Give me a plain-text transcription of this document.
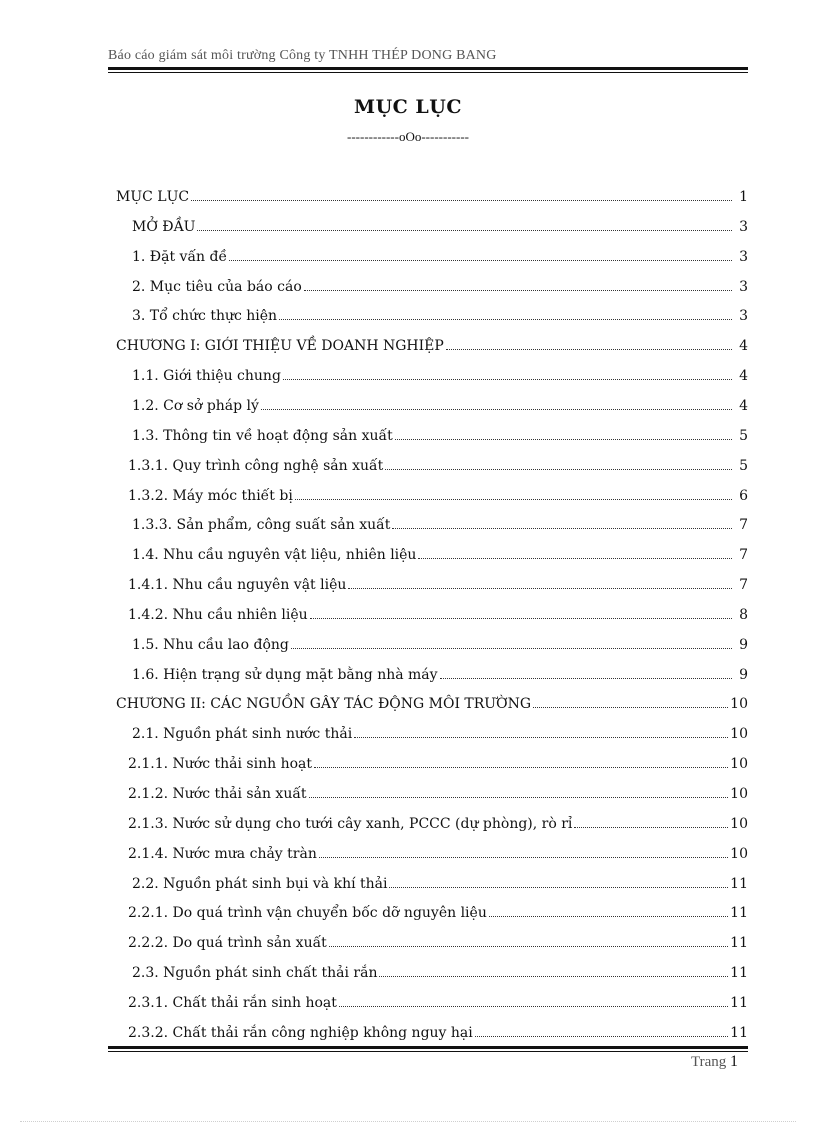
Báo cáo giám sát môi trường Công ty TNHH THÉP DONG BANG
MỤC LỤC
------------oOo-----------
MỤC LỤC	1
MỞ ĐẦU	3
1. Đặt vấn đề	3
2. Mục tiêu của báo cáo	3
3. Tổ chức thực hiện	3
CHƯƠNG I: GIỚI THIỆU VỀ DOANH NGHIỆP	4
1.1. Giới thiệu chung	4
1.2. Cơ sở pháp lý	4
1.3. Thông tin về hoạt động sản xuất	5
1.3.1. Quy trình công nghệ sản xuất	5
1.3.2. Máy móc thiết bị	6
1.3.3. Sản phẩm, công suất sản xuất	7
1.4. Nhu cầu nguyên vật liệu, nhiên liệu	7
1.4.1. Nhu cầu nguyên vật liệu	7
1.4.2. Nhu cầu nhiên liệu	8
1.5. Nhu cầu lao động	9
1.6. Hiện trạng sử dụng mặt bằng nhà máy	9
CHƯƠNG II: CÁC NGUỒN GÂY TÁC ĐỘNG MÔI TRƯỜNG	10
2.1. Nguồn phát sinh nước thải	10
2.1.1. Nước thải sinh hoạt	10
2.1.2. Nước thải sản xuất	10
2.1.3. Nước sử dụng cho tưới cây xanh, PCCC (dự phòng), rò rỉ	10
2.1.4. Nước mưa chảy tràn	10
2.2. Nguồn phát sinh bụi và khí thải	11
2.2.1. Do quá trình vận chuyển bốc dỡ nguyên liệu	11
2.2.2. Do quá trình sản xuất	11
2.3. Nguồn phát sinh chất thải rắn	11
2.3.1. Chất thải rắn sinh hoạt	11
2.3.2. Chất thải rắn công nghiệp không nguy hại	11
Trang 1
